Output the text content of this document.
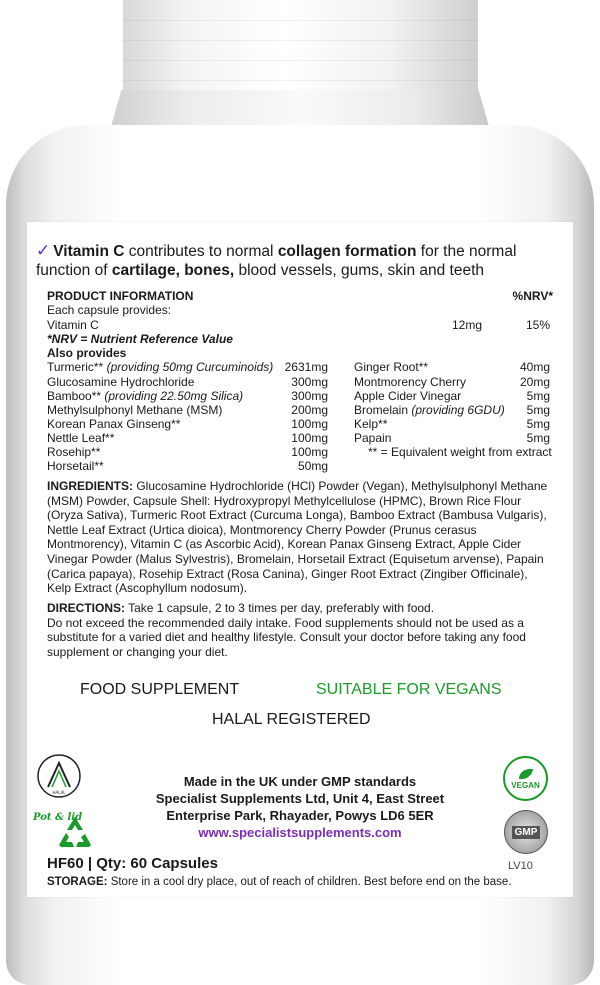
✓ Vitamin C contributes to normal collagen formation for the normal function of cartilage, bones, blood vessels, gums, skin and teeth
PRODUCT INFORMATION	%NRV*
Each capsule provides:
Vitamin C	12mg	15%
*NRV = Nutrient Reference Value
Also provides
Turmeric** (providing 50mg Curcuminoids) 2631mg
Glucosamine Hydrochloride	300mg
Bamboo** (providing 22.50mg Silica)	300mg
Methylsulphonyl Methane (MSM)	200mg
Korean Panax Ginseng**	100mg
Nettle Leaf**	100mg
Rosehip**	100mg
Horsetail**	50mg
Ginger Root**	40mg
Montmorency Cherry	20mg
Apple Cider Vinegar	5mg
Bromelain (providing 6GDU)	5mg
Kelp**	5mg
Papain	5mg
** = Equivalent weight from extract
INGREDIENTS: Glucosamine Hydrochloride (HCl) Powder (Vegan), Methylsulphonyl Methane (MSM) Powder, Capsule Shell: Hydroxypropyl Methylcellulose (HPMC), Brown Rice Flour (Oryza Sativa), Turmeric Root Extract (Curcuma Longa), Bamboo Extract (Bambusa Vulgaris), Nettle Leaf Extract (Urtica dioica), Montmorency Cherry Powder (Prunus cerasus Montmorency), Vitamin C (as Ascorbic Acid), Korean Panax Ginseng Extract, Apple Cider Vinegar Powder (Malus Sylvestris), Bromelain, Horsetail Extract (Equisetum arvense), Papain (Carica papaya), Rosehip Extract (Rosa Canina), Ginger Root Extract (Zingiber Officinale), Kelp Extract (Ascophyllum nodosum).
DIRECTIONS: Take 1 capsule, 2 to 3 times per day, preferably with food.
Do not exceed the recommended daily intake. Food supplements should not be used as a substitute for a varied diet and healthy lifestyle. Consult your doctor before taking any food supplement or changing your diet.
FOOD SUPPLEMENT	SUITABLE FOR VEGANS
HALAL REGISTERED
HALAL
Pot & lid
VEGAN
GMP
Made in the UK under GMP standards
Specialist Supplements Ltd, Unit 4, East Street
Enterprise Park, Rhayader, Powys LD6 5ER
www.specialistsupplements.com
HF60 | Qty: 60 Capsules	LV10
STORAGE: Store in a cool dry place, out of reach of children. Best before end on the base.
